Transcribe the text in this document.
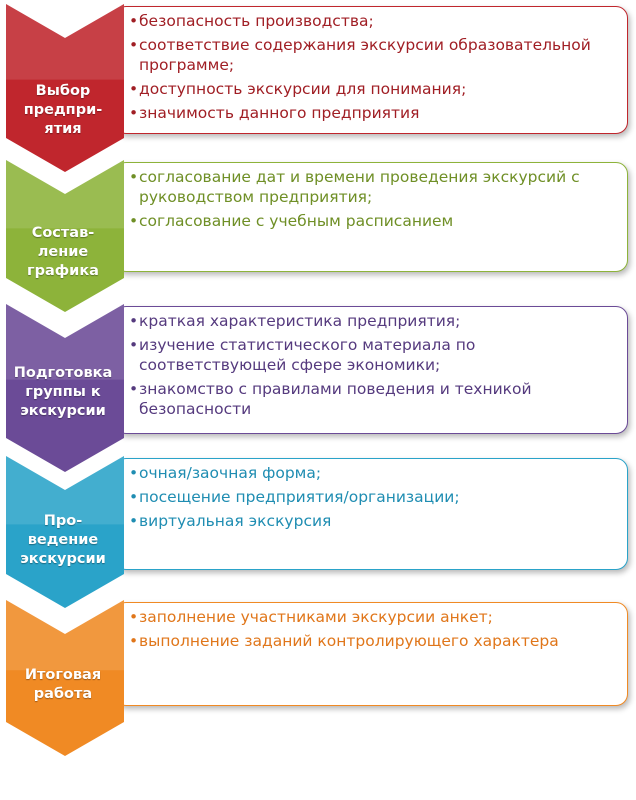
• безопасность производства;
• соответствие содержания экскурсии образовательной программе;
• доступность экскурсии для понимания;
• значимость данного предприятия
Выбор
предпри-
ятия
• согласование дат и времени проведения экскурсий с руководством предприятия;
• согласование с учебным расписанием
Состав-
ление
графика
• краткая характеристика предприятия;
• изучение статистического материала по соответствующей сфере экономики;
• знакомство с правилами поведения и техникой безопасности
Подготовка
группы к
экскурсии
• очная/заочная форма;
• посещение предприятия/организации;
• виртуальная экскурсия
Про-
ведение
экскурсии
• заполнение участниками экскурсии анкет;
• выполнение заданий контролирующего характера
Итоговая
работа
